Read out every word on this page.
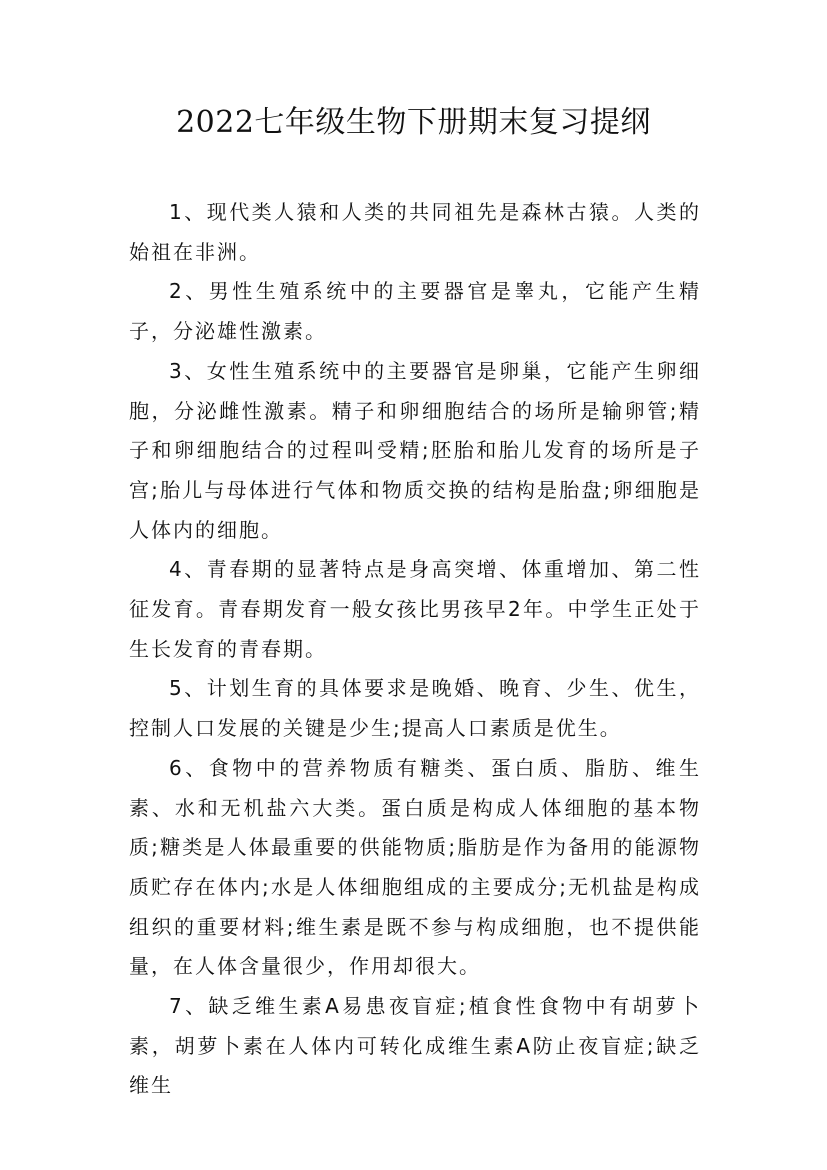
2022七年级生物下册期末复习提纲

1、现代类人猿和人类的共同祖先是森林古猿。人类的始祖在非洲。

2、男性生殖系统中的主要器官是睾丸，它能产生精子，分泌雄性激素。

3、女性生殖系统中的主要器官是卵巢，它能产生卵细胞，分泌雌性激素。精子和卵细胞结合的场所是输卵管;精子和卵细胞结合的过程叫受精;胚胎和胎儿发育的场所是子宫;胎儿与母体进行气体和物质交换的结构是胎盘;卵细胞是人体内的细胞。

4、青春期的显著特点是身高突增、体重增加、第二性征发育。青春期发育一般女孩比男孩早2年。中学生正处于生长发育的青春期。

5、计划生育的具体要求是晚婚、晚育、少生、优生，控制人口发展的关键是少生;提高人口素质是优生。

6、食物中的营养物质有糖类、蛋白质、脂肪、维生素、水和无机盐六大类。蛋白质是构成人体细胞的基本物质;糖类是人体最重要的供能物质;脂肪是作为备用的能源物质贮存在体内;水是人体细胞组成的主要成分;无机盐是构成组织的重要材料;维生素是既不参与构成细胞，也不提供能量，在人体含量很少，作用却很大。

7、缺乏维生素A易患夜盲症;植食性食物中有胡萝卜素，胡萝卜素在人体内可转化成维生素A防止夜盲症;缺乏维生
